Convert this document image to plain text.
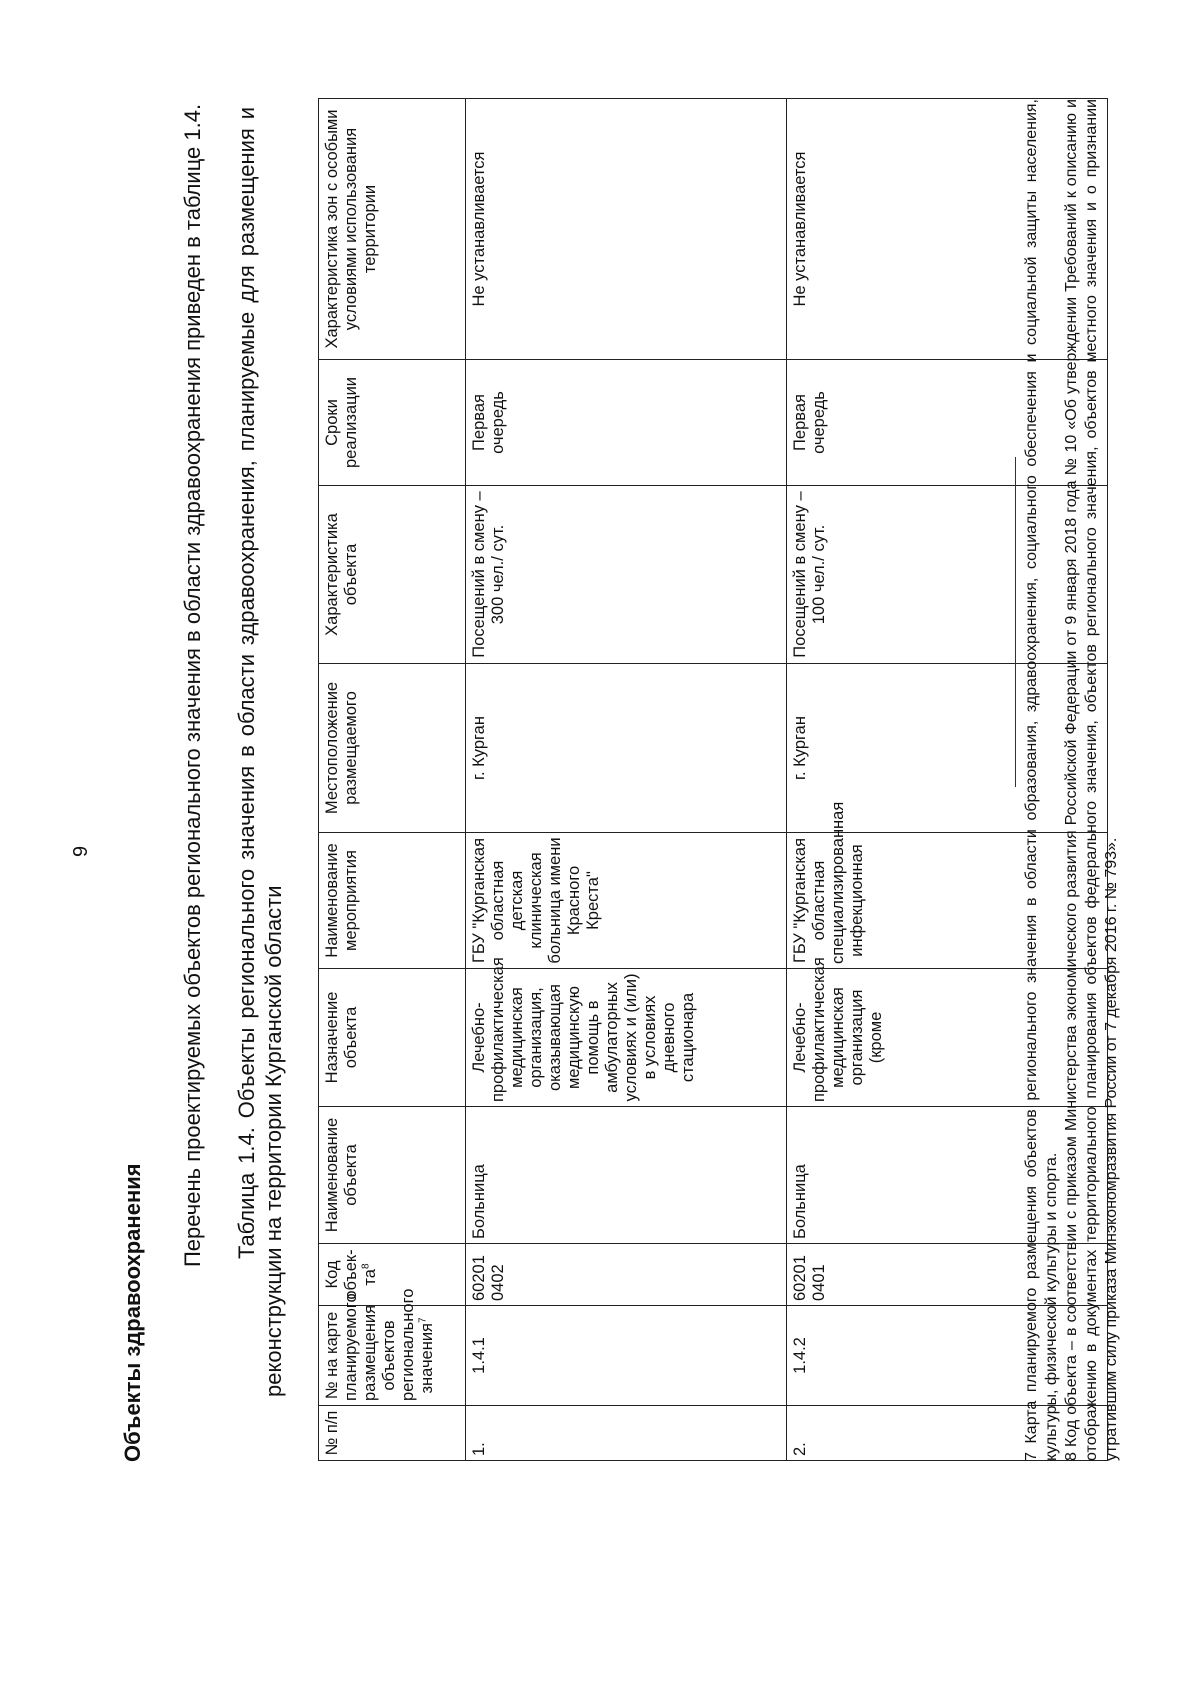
9
Объекты здравоохранения
Перечень проектируемых объектов регионального значения в области здравоохранения приведен в таблице 1.4. Таблица 1.4. Объекты регионального значения в области здравоохранения, планируемые для размещения и реконструкции на территории Курганской области
№ п/п	№ на карте планируемого размещения объектов регионального значения$^7$	Код объек-$та^8$	Наименование объекта	Назначение объекта	Наименование мероприятия	Местоположение размещаемого	Характеристика объекта	Сроки реализации	Характеристика зон с особыми условиями использования территории
1.	1.4.1	602010402	Больница	Лечебно-профилактическая медицинская организация, оказывающая медицинскую помощь в амбулаторных условиях и (или) в условиях дневного стационара	ГБУ "Курганская областная детская клиническая больница имени Красного Креста"	г. Курган	Посещений в смену – 300 чел./ сут.	Первая очередь	Не устанавливается
2.	1.4.2	602010401	Больница	Лечебно-профилактическая медицинская организация (кроме	ГБУ "Курганская областная специализированная инфекционная	г. Курган	Посещений в смену – 100 чел./ сут.	Первая очередь	Не устанавливается	7 Карта планируемого размещения объектов регионального значения в области образования, здравоохранения, социального обеспечения и социальной защиты населения, культуры, физической культуры и спорта. 8 Код объекта – в соответствии с приказом Министерства экономического развития Российской Федерации от 9 января 2018 года № 10 «Об утверждении Требований к описанию и отображению в документах территориального планирования объектов федерального значения, объектов регионального значения, объектов местного значения и о признании утратившим силу приказа Минэкономразвития России от 7 декабря 2016 г. № 793».
